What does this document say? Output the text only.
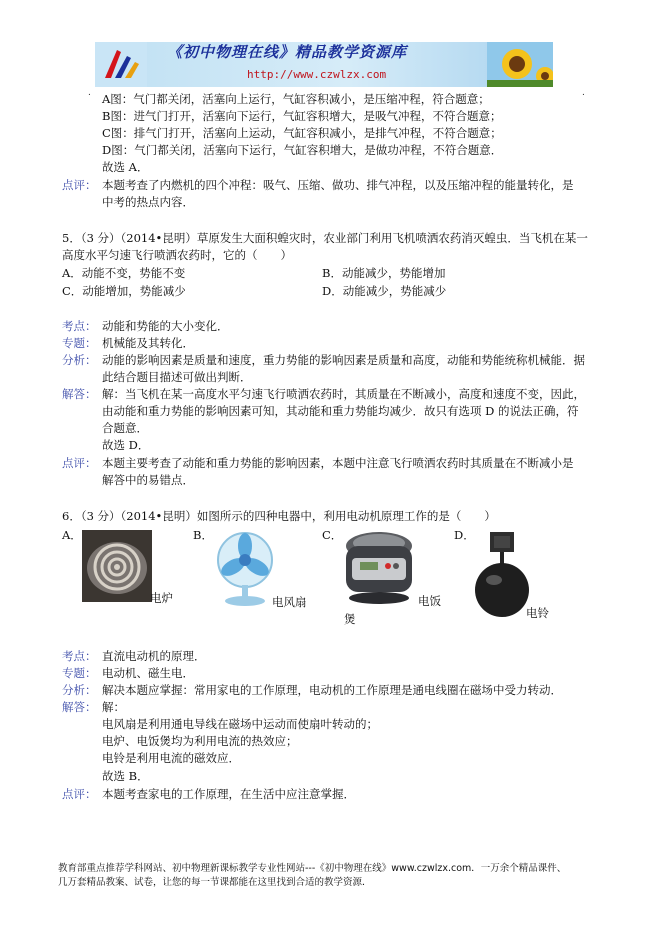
《初中物理在线》精品教学资源库
http://www.czwlzx.com
.	.
A图：气门都关闭，活塞向上运行，气缸容积减小，是压缩冲程，符合题意；
B图：进气门打开，活塞向下运行，气缸容积增大，是吸气冲程，不符合题意；
C图：排气门打开，活塞向上运动，气缸容积减小，是排气冲程，不符合题意；
D图：气门都关闭，活塞向下运行，气缸容积增大，是做功冲程，不符合题意．
故选 A．
点评： 本题考查了内燃机的四个冲程：吸气、压缩、做功、排气冲程，以及压缩冲程的能量转化，是
中考的热点内容．
5．（3 分）（2014•昆明）草原发生大面积蝗灾时，农业部门利用飞机喷洒农药消灭蝗虫．当飞机在某一
高度水平匀速飞行喷洒农药时，它的（　　）
A．动能不变，势能不变	B．动能减少，势能增加
C．动能增加，势能减少	D．动能减少，势能减少
考点： 动能和势能的大小变化．
专题： 机械能及其转化．
分析： 动能的影响因素是质量和速度，重力势能的影响因素是质量和高度，动能和势能统称机械能．据
此结合题目描述可做出判断．
解答： 解：当飞机在某一高度水平匀速飞行喷洒农药时，其质量在不断减小，高度和速度不变，因此，
由动能和重力势能的影响因素可知，其动能和重力势能均减少．故只有选项 D 的说法正确，符
合题意．
故选 D．
点评： 本题主要考查了动能和重力势能的影响因素，本题中注意飞行喷洒农药时其质量在不断减小是
解答中的易错点．
6．（3 分）（2014•昆明）如图所示的四种电器中，利用电动机原理工作的是（　　）
A．
电炉
B．
电风扇
C．
电饭
煲
D．
电铃
考点： 直流电动机的原理．
专题： 电动机、磁生电．
分析： 解决本题应掌握：常用家电的工作原理，电动机的工作原理是通电线圈在磁场中受力转动．
解答： 解：
电风扇是利用通电导线在磁场中运动而使扇叶转动的；
电炉、电饭煲均为利用电流的热效应；
电铃是利用电流的磁效应．
故选 B．
点评： 本题考查家电的工作原理，在生活中应注意掌握．
教育部重点推荐学科网站、初中物理新课标教学专业性网站---《初中物理在线》www.czwlzx.com．一万余个精品课件、
几万套精品教案、试卷，让您的每一节课都能在这里找到合适的教学资源．
